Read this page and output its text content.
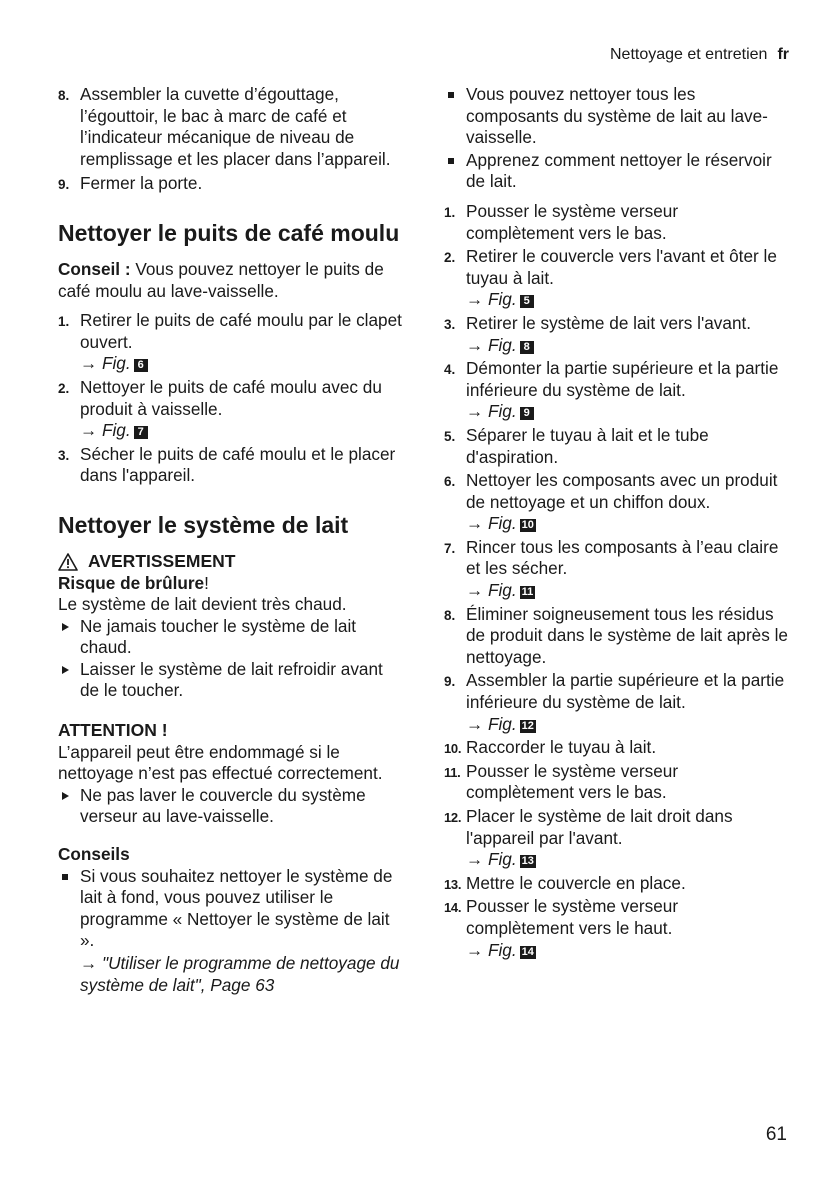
Nettoyage et entretien fr
8. Assembler la cuvette d’égouttage, l’égouttoir, le bac à marc de café et l’indicateur mécanique de niveau de remplissage et les placer dans l’appareil.
9. Fermer la porte.
Nettoyer le puits de café moulu

Conseil : Vous pouvez nettoyer le puits de café moulu au lave-vaisselle.

1. Retirer le puits de café moulu par le clapet ouvert.
→ Fig. 6
2. Nettoyer le puits de café moulu avec du produit à vaisselle.
→ Fig. 7
3. Sécher le puits de café moulu et le placer dans l'appareil.
Nettoyer le système de lait
AVERTISSEMENT
Risque de brûlure!
Le système de lait devient très chaud.
Ne jamais toucher le système de lait chaud.
Laisser le système de lait refroidir avant de le toucher.
ATTENTION !
L’appareil peut être endommagé si le nettoyage n’est pas effectué correctement.
Ne pas laver le couvercle du système verseur au lave-vaisselle.
Conseils
Si vous souhaitez nettoyer le système de lait à fond, vous pouvez utiliser le programme « Nettoyer le système de lait ».
→ "Utiliser le programme de nettoyage du système de lait", Page 63
Vous pouvez nettoyer tous les composants du système de lait au lave-vaisselle.
Apprenez comment nettoyer le réservoir de lait.
1. Pousser le système verseur complètement vers le bas.
2. Retirer le couvercle vers l'avant et ôter le tuyau à lait.
→ Fig. 5
3. Retirer le système de lait vers l'avant.
→ Fig. 8
4. Démonter la partie supérieure et la partie inférieure du système de lait.
→ Fig. 9
5. Séparer le tuyau à lait et le tube d'aspiration.
6. Nettoyer les composants avec un produit de nettoyage et un chiffon doux.
→ Fig. 10
7. Rincer tous les composants à l’eau claire et les sécher.
→ Fig. 11
8. Éliminer soigneusement tous les résidus de produit dans le système de lait après le nettoyage.
9. Assembler la partie supérieure et la partie inférieure du système de lait.
→ Fig. 12
10. Raccorder le tuyau à lait.
11. Pousser le système verseur complètement vers le bas.
12. Placer le système de lait droit dans l'appareil par l'avant.
→ Fig. 13
13. Mettre le couvercle en place.
14. Pousser le système verseur complètement vers le haut.
→ Fig. 14
61
